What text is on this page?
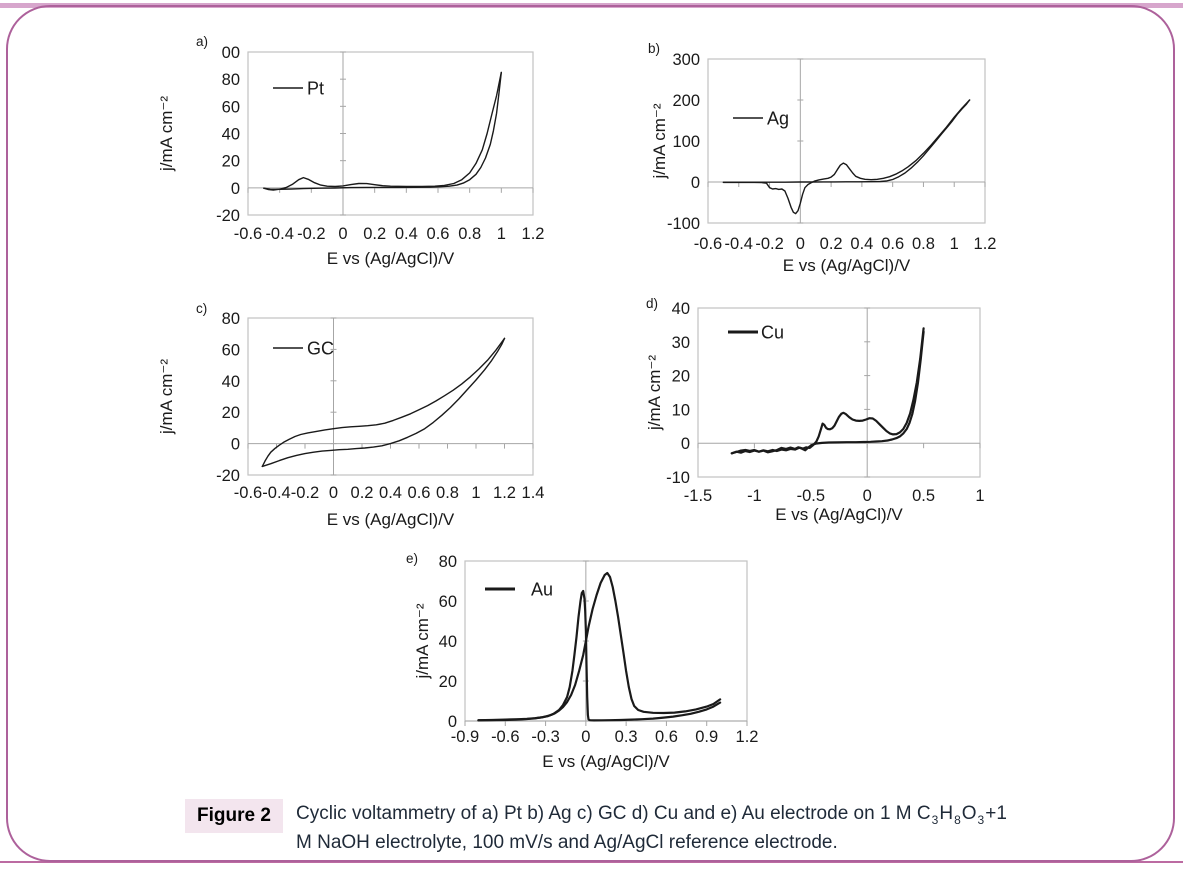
-0.6 -0.4 -0.2 0 0.2 0.4 0.6 0.8 1 1.2
00
80
60
40
20
0
-20
E vs (Ag/AgCl)/V
j/mA cm⁻²
a)
Pt
-0.6 -0.4 -0.2 0 0.2 0.4 0.6 0.8 1 1.2
300
200
100
0
-100
E vs (Ag/AgCl)/V
j/mA cm⁻²
b)
Ag
-0.6 -0.4 -0.2 0 0.2 0.4 0.6 0.8 1 1.2 1.4
80
60
40
20
0
-20
E vs (Ag/AgCl)/V
j/mA cm⁻²
c)
GC
-1.5 -1 -0.5 0 0.5 1
40
30
20
10
0
-10
E vs (Ag/AgCl)/V
j/mA cm⁻²
d)
Cu
-0.9 -0.6 -0.3 0 0.3 0.6 0.9 1.2
80
60
40
20
0
E vs (Ag/AgCl)/V
j/mA cm⁻²
e)
Au
Figure 2	Cyclic voltammetry of a) Pt b) Ag c) GC d) Cu and e) Au electrode on 1 M $C_3H_8O_3+1$
M NaOH electrolyte, 100 mV/s and Ag/AgCl reference electrode.
